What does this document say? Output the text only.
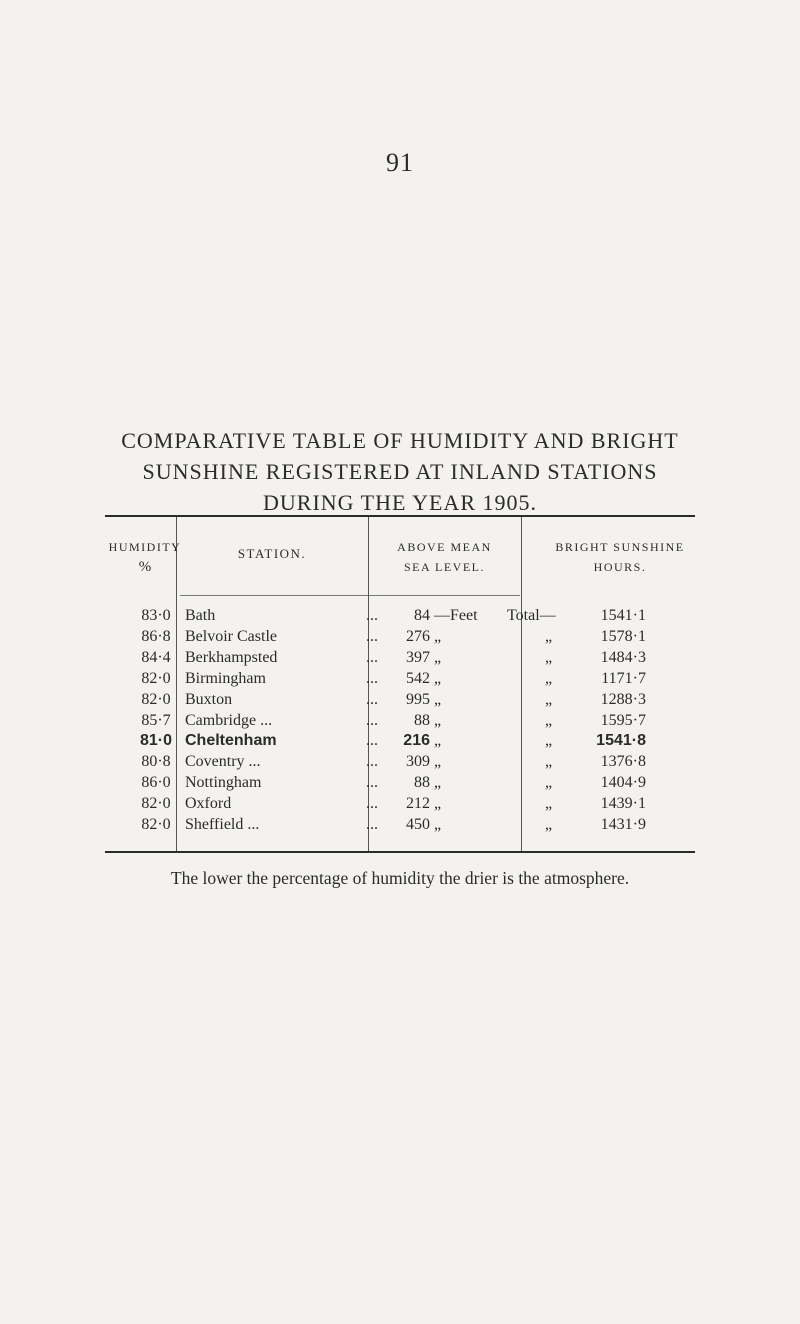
91
COMPARATIVE TABLE OF HUMIDITY AND BRIGHT
SUNSHINE REGISTERED AT INLAND STATIONS
DURING THE YEAR 1905.
HUMIDITY
%
STATION.	ABOVE MEAN
SEA LEVEL.
BRIGHT SUNSHINE
HOURS.
83·0 Bath	...	84 —Feet Total—	1541·1
86·8 Belvoir Castle	...	276 „	„	1578·1
84·4 Berkhampsted	...	397 „	„	1484·3
82·0 Birmingham	...	542 „	„	1171·7
82·0 Buxton	...	995 „	„	1288·3
85·7 Cambridge ...	...	88 „	„	1595·7
81·0 Cheltenham	...	216 „	„	1541·8
80·8 Coventry ...	...	309 „	„	1376·8
86·0 Nottingham	...	88 „	„	1404·9
82·0 Oxford	...	212 „	„	1439·1
82·0 Sheffield ...	...	450 „	„	1431·9
The lower the percentage of humidity the drier is the atmosphere.
